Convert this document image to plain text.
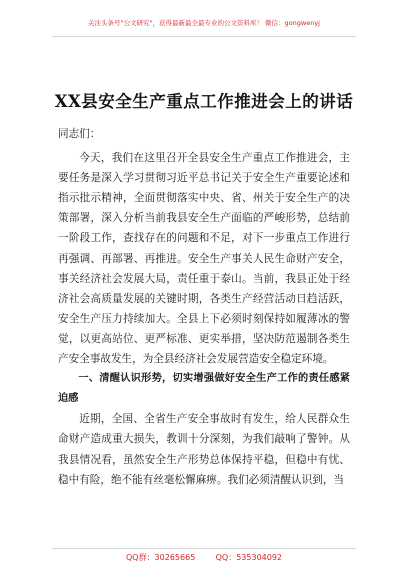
关注头条号"公文研究"，获得最新最全最专业的公文资料库！ 微信：gongwenyj
XX县安全生产重点工作推进会上的讲话

同志们：

今天，我们在这里召开全县安全生产重点工作推进会，主要任务是深入学习贯彻习近平总书记关于安全生产重要论述和指示批示精神，全面贯彻落实中央、省、州关于安全生产的决策部署，深入分析当前我县安全生产面临的严峻形势，总结前一阶段工作，查找存在的问题和不足，对下一步重点工作进行再强调、再部署、再推进。安全生产事关人民生命财产安全，事关经济社会发展大局，责任重于泰山。当前，我县正处于经济社会高质量发展的关键时期，各类生产经营活动日趋活跃，安全生产压力持续加大。全县上下必须时刻保持如履薄冰的警觉，以更高站位、更严标准、更实举措，坚决防范遏制各类生产安全事故发生，为全县经济社会发展营造安全稳定环境。

一、清醒认识形势，切实增强做好安全生产工作的责任感紧迫感

近期，全国、全省生产安全事故时有发生，给人民群众生命财产造成重大损失，教训十分深刻，为我们敲响了警钟。从我县情况看，虽然安全生产形势总体保持平稳，但稳中有忧、稳中有险，绝不能有丝毫松懈麻痹。我们必须清醒认识到，当

QQ群：30265665        QQ：535304092
